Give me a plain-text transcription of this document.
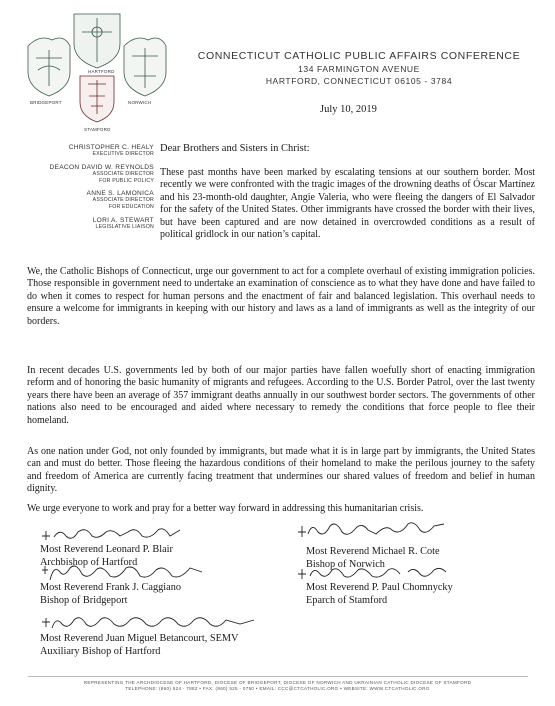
HARTFORD
BRIDGEPORT	NORWICH
STAMFORD
CONNECTICUT CATHOLIC PUBLIC AFFAIRS CONFERENCE
134 FARMINGTON AVENUE
HARTFORD, CONNECTICUT 06105 - 3784
CHRISTOPHER C. HEALY
EXECUTIVE DIRECTOR
DEACON DAVID W. REYNOLDS
ASSOCIATE DIRECTOR
FOR PUBLIC POLICY
ANNE S. LAMONICA
ASSOCIATE DIRECTOR
FOR EDUCATION
LORI A. STEWART
LEGISLATIVE LIAISON
July 10, 2019
Dear Brothers and Sisters in Christ:

These past months have been marked by escalating tensions at our southern border. Most recently we were confronted with the tragic images of the drowning deaths of Óscar Martínez and his 23-month-old daughter, Angie Valeria, who were fleeing the dangers of El Salvador for the safety of the United States. Other immigrants have crossed the border with their lives, but have been captured and are now detained in overcrowded conditions as a result of political gridlock in our nation’s capital.

We, the Catholic Bishops of Connecticut, urge our government to act for a complete overhaul of existing immigration policies. Those responsible in government need to undertake an examination of conscience as to what they have done and have failed to do when it comes to respect for human persons and the enactment of fair and balanced legislation. This overhaul needs to ensure a welcome for immigrants in keeping with our history and laws as a land of immigrants as well as the integrity of our borders.

In recent decades U.S. governments led by both of our major parties have fallen woefully short of enacting immigration reform and of honoring the basic humanity of migrants and refugees. According to the U.S. Border Patrol, over the last twenty years there have been an average of 357 immigrant deaths annually in our southwest border sectors. The governments of other nations also need to be encouraged and aided where necessary to remedy the conditions that force people to flee their homeland.

As one nation under God, not only founded by immigrants, but made what it is in large part by immigrants, the United States can and must do better. Those fleeing the hazardous conditions of their homeland to make the perilous journey to the safety and freedom of America are currently facing treatment that undermines our shared values of freedom and belief in human dignity.

We urge everyone to work and pray for a better way forward in addressing this humanitarian crisis.

Most Reverend Leonard P. Blair
Archbishop of Hartford
Most Reverend Michael R. Cote
Bishop of Norwich
Most Reverend Frank J. Caggiano
Bishop of Bridgeport
Most Reverend P. Paul Chomnycky
Eparch of Stamford
Most Reverend Juan Miguel Betancourt, SEMV
Auxiliary Bishop of Hartford
REPRESENTING THE ARCHDIOCESE OF HARTFORD, DIOCESE OF BRIDGEPORT, DIOCESE OF NORWICH AND UKRAINIAN CATHOLIC DIOCESE OF STAMFORD
TELEPHONE: (860) 524 - 7882 • FAX: (860) 525 - 0750 • EMAIL: CCC@CTCATHOLIC.ORG • WEBSITE: WWW.CTCATHOLIC.ORG
